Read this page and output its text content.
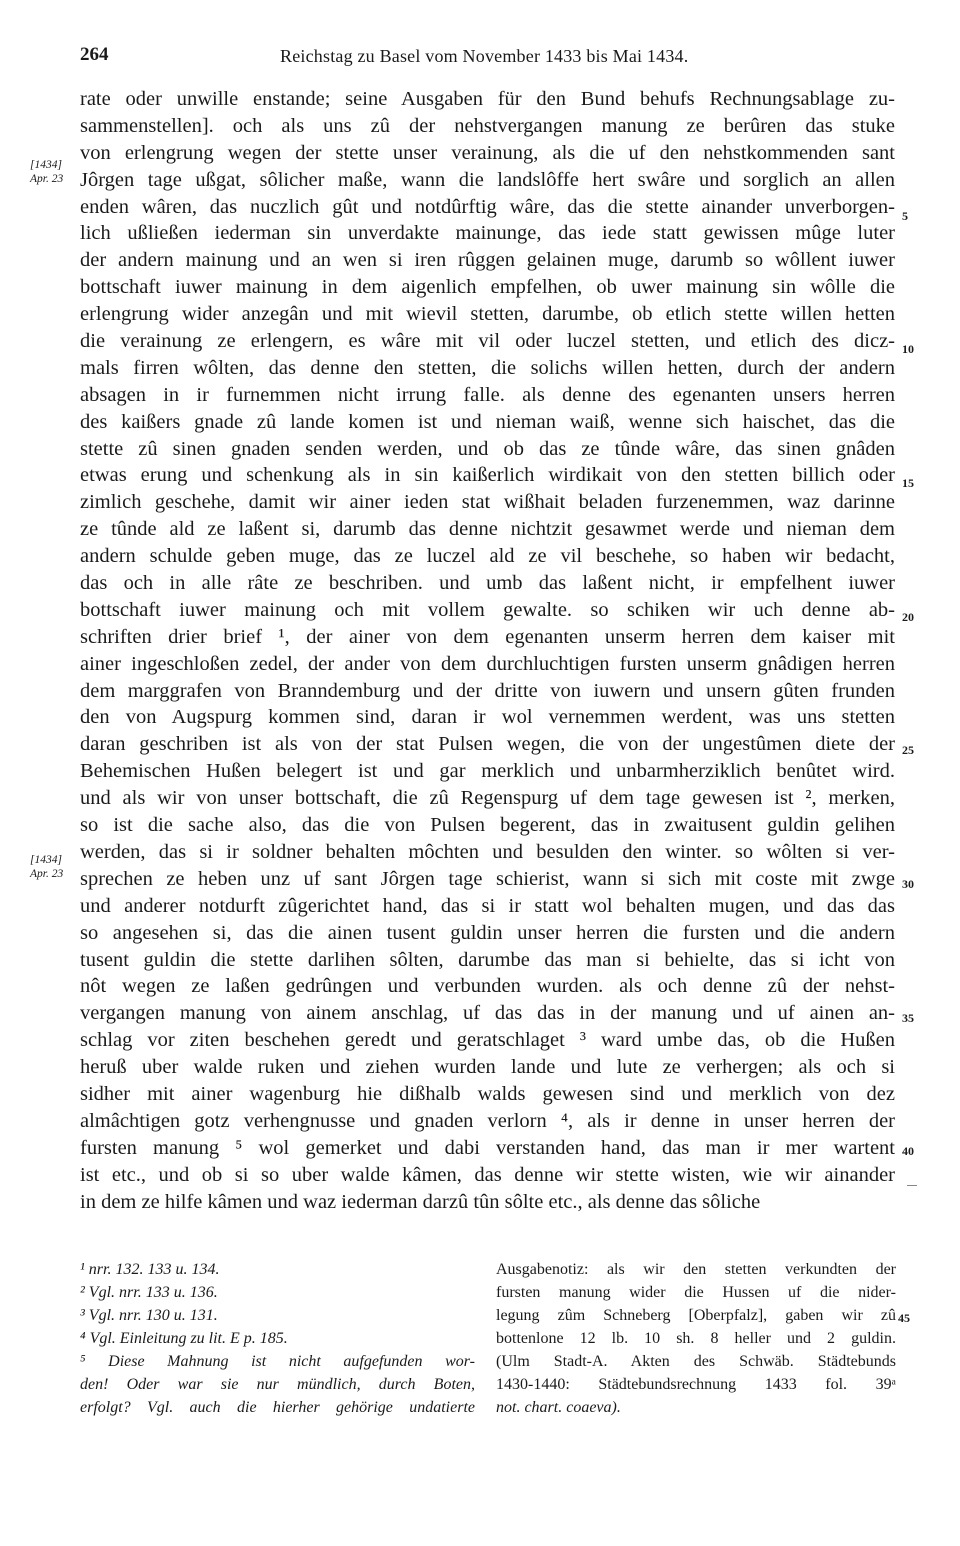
264	Reichstag zu Basel vom November 1433 bis Mai 1434.
rate oder unwille enstande; seine Ausgaben für den Bund behufs Rechnungsablage zu-
sammenstellen]. och als uns zû der nehstvergangen manung ze berûren das stuke
von erlengrung wegen der stette unser verainung, als die uf den nehstkommenden sant
Jôrgen tage ußgat, sôlicher maße, wann die landslôffe hert swâre und sorglich an allen
enden wâren, das nuczlich gût und notdûrftig wâre, das die stette ainander unverborgen-
lich ußließen iederman sin unverdakte mainunge, das iede statt gewissen mûge luter
der andern mainung und an wen si iren rûggen gelainen muge, darumb so wôllent iuwer
bottschaft iuwer mainung in dem aigenlich empfelhen, ob uwer mainung sin wôlle die
erlengrung wider anzegân und mit wievil stetten, darumbe, ob etlich stette willen hetten
die verainung ze erlengern, es wâre mit vil oder luczel stetten, und etlich des dicz-
mals firren wôlten, das denne den stetten, die solichs willen hetten, durch der andern
absagen in ir furnemmen nicht irrung falle. als denne des egenanten unsers herren
des kaißers gnade zû lande komen ist und nieman waiß, wenne sich haischet, das die
stette zû sinen gnaden senden werden, und ob das ze tûnde wâre, das sinen gnâden
etwas erung und schenkung als in sin kaißerlich wirdikait von den stetten billich oder
zimlich geschehe, damit wir ainer ieden stat wißhait beladen furzenemmen, waz darinne
ze tûnde ald ze laßent si, darumb das denne nichtzit gesawmet werde und nieman dem
andern schulde geben muge, das ze luczel ald ze vil beschehe, so haben wir bedacht,
das och in alle râte ze beschriben. und umb das laßent nicht, ir empfelhent iuwer
bottschaft iuwer mainung och mit vollem gewalte. so schiken wir uch denne ab-
schriften drier brief ¹, der ainer von dem egenanten unserm herren dem kaiser mit
ainer ingeschloßen zedel, der ander von dem durchluchtigen fursten unserm gnâdigen herren
dem marggrafen von Branndemburg und der dritte von iuwern und unsern gûten frunden
den von Augspurg kommen sind, daran ir wol vernemmen werdent, was uns stetten
daran geschriben ist als von der stat Pulsen wegen, die von der ungestûmen diete der
Behemischen Hußen belegert ist und gar merklich und unbarmherziklich benûtet wird.
und als wir von unser bottschaft, die zû Regenspurg uf dem tage gewesen ist ², merken,
so ist die sache also, das die von Pulsen begerent, das in zwaitusent guldin gelihen
werden, das si ir soldner behalten môchten und besulden den winter. so wôlten si ver-
sprechen ze heben unz uf sant Jôrgen tage schierist, wann si sich mit coste mit zwge
und anderer notdurft zûgerichtet hand, das si ir statt wol behalten mugen, und das das
so angesehen si, das die ainen tusent guldin unser herren die fursten und die andern
tusent guldin die stette darlihen sôlten, darumbe das man si behielte, das si icht von
nôt wegen ze laßen gedrûngen und verbunden wurden. als och denne zû der nehst-
vergangen manung von ainem anschlag, uf das das in der manung und uf ainen an-
schlag vor ziten beschehen geredt und geratschlaget ³ ward umbe das, ob die Hußen
heruß uber walde ruken und ziehen wurden lande und lute ze verhergen; als och si
sidher mit ainer wagenburg hie dißhalb walds gewesen sind und merklich von dez
almâchtigen gotz verhengnusse und gnaden verlorn ⁴, als ir denne in unser herren der
fursten manung ⁵ wol gemerket und dabi verstanden hand, das man ir mer wartent
ist etc., und ob si so uber walde kâmen, das denne wir stette wisten, wie wir ainander
in dem ze hilfe kâmen und waz iederman darzû tûn sôlte etc., als denne das sôliche
[1434]
Apr. 23
[1434]
Apr. 23
5
10
15
20
25
30
35
40
45
¹ nrr. 132. 133 u. 134.
² Vgl. nrr. 133 u. 136.
³ Vgl. nrr. 130 u. 131.
⁴ Vgl. Einleitung zu lit. E p. 185.
⁵ Diese Mahnung ist nicht aufgefunden wor-
den! Oder war sie nur mündlich, durch Boten,
erfolgt? Vgl. auch die hierher gehörige undatierte
Ausgabenotiz: als wir den stetten verkundten der
fursten manung wider die Hussen uf die nider-
legung zûm Schneberg [Oberpfalz], gaben wir zû
bottenlone 12 lb. 10 sh. 8 heller und 2 guldin.
(Ulm Stadt-A. Akten des Schwäb. Städtebunds
1430-1440: Städtebundsrechnung 1433 fol. 39ᵃ
not. chart. coaeva).
